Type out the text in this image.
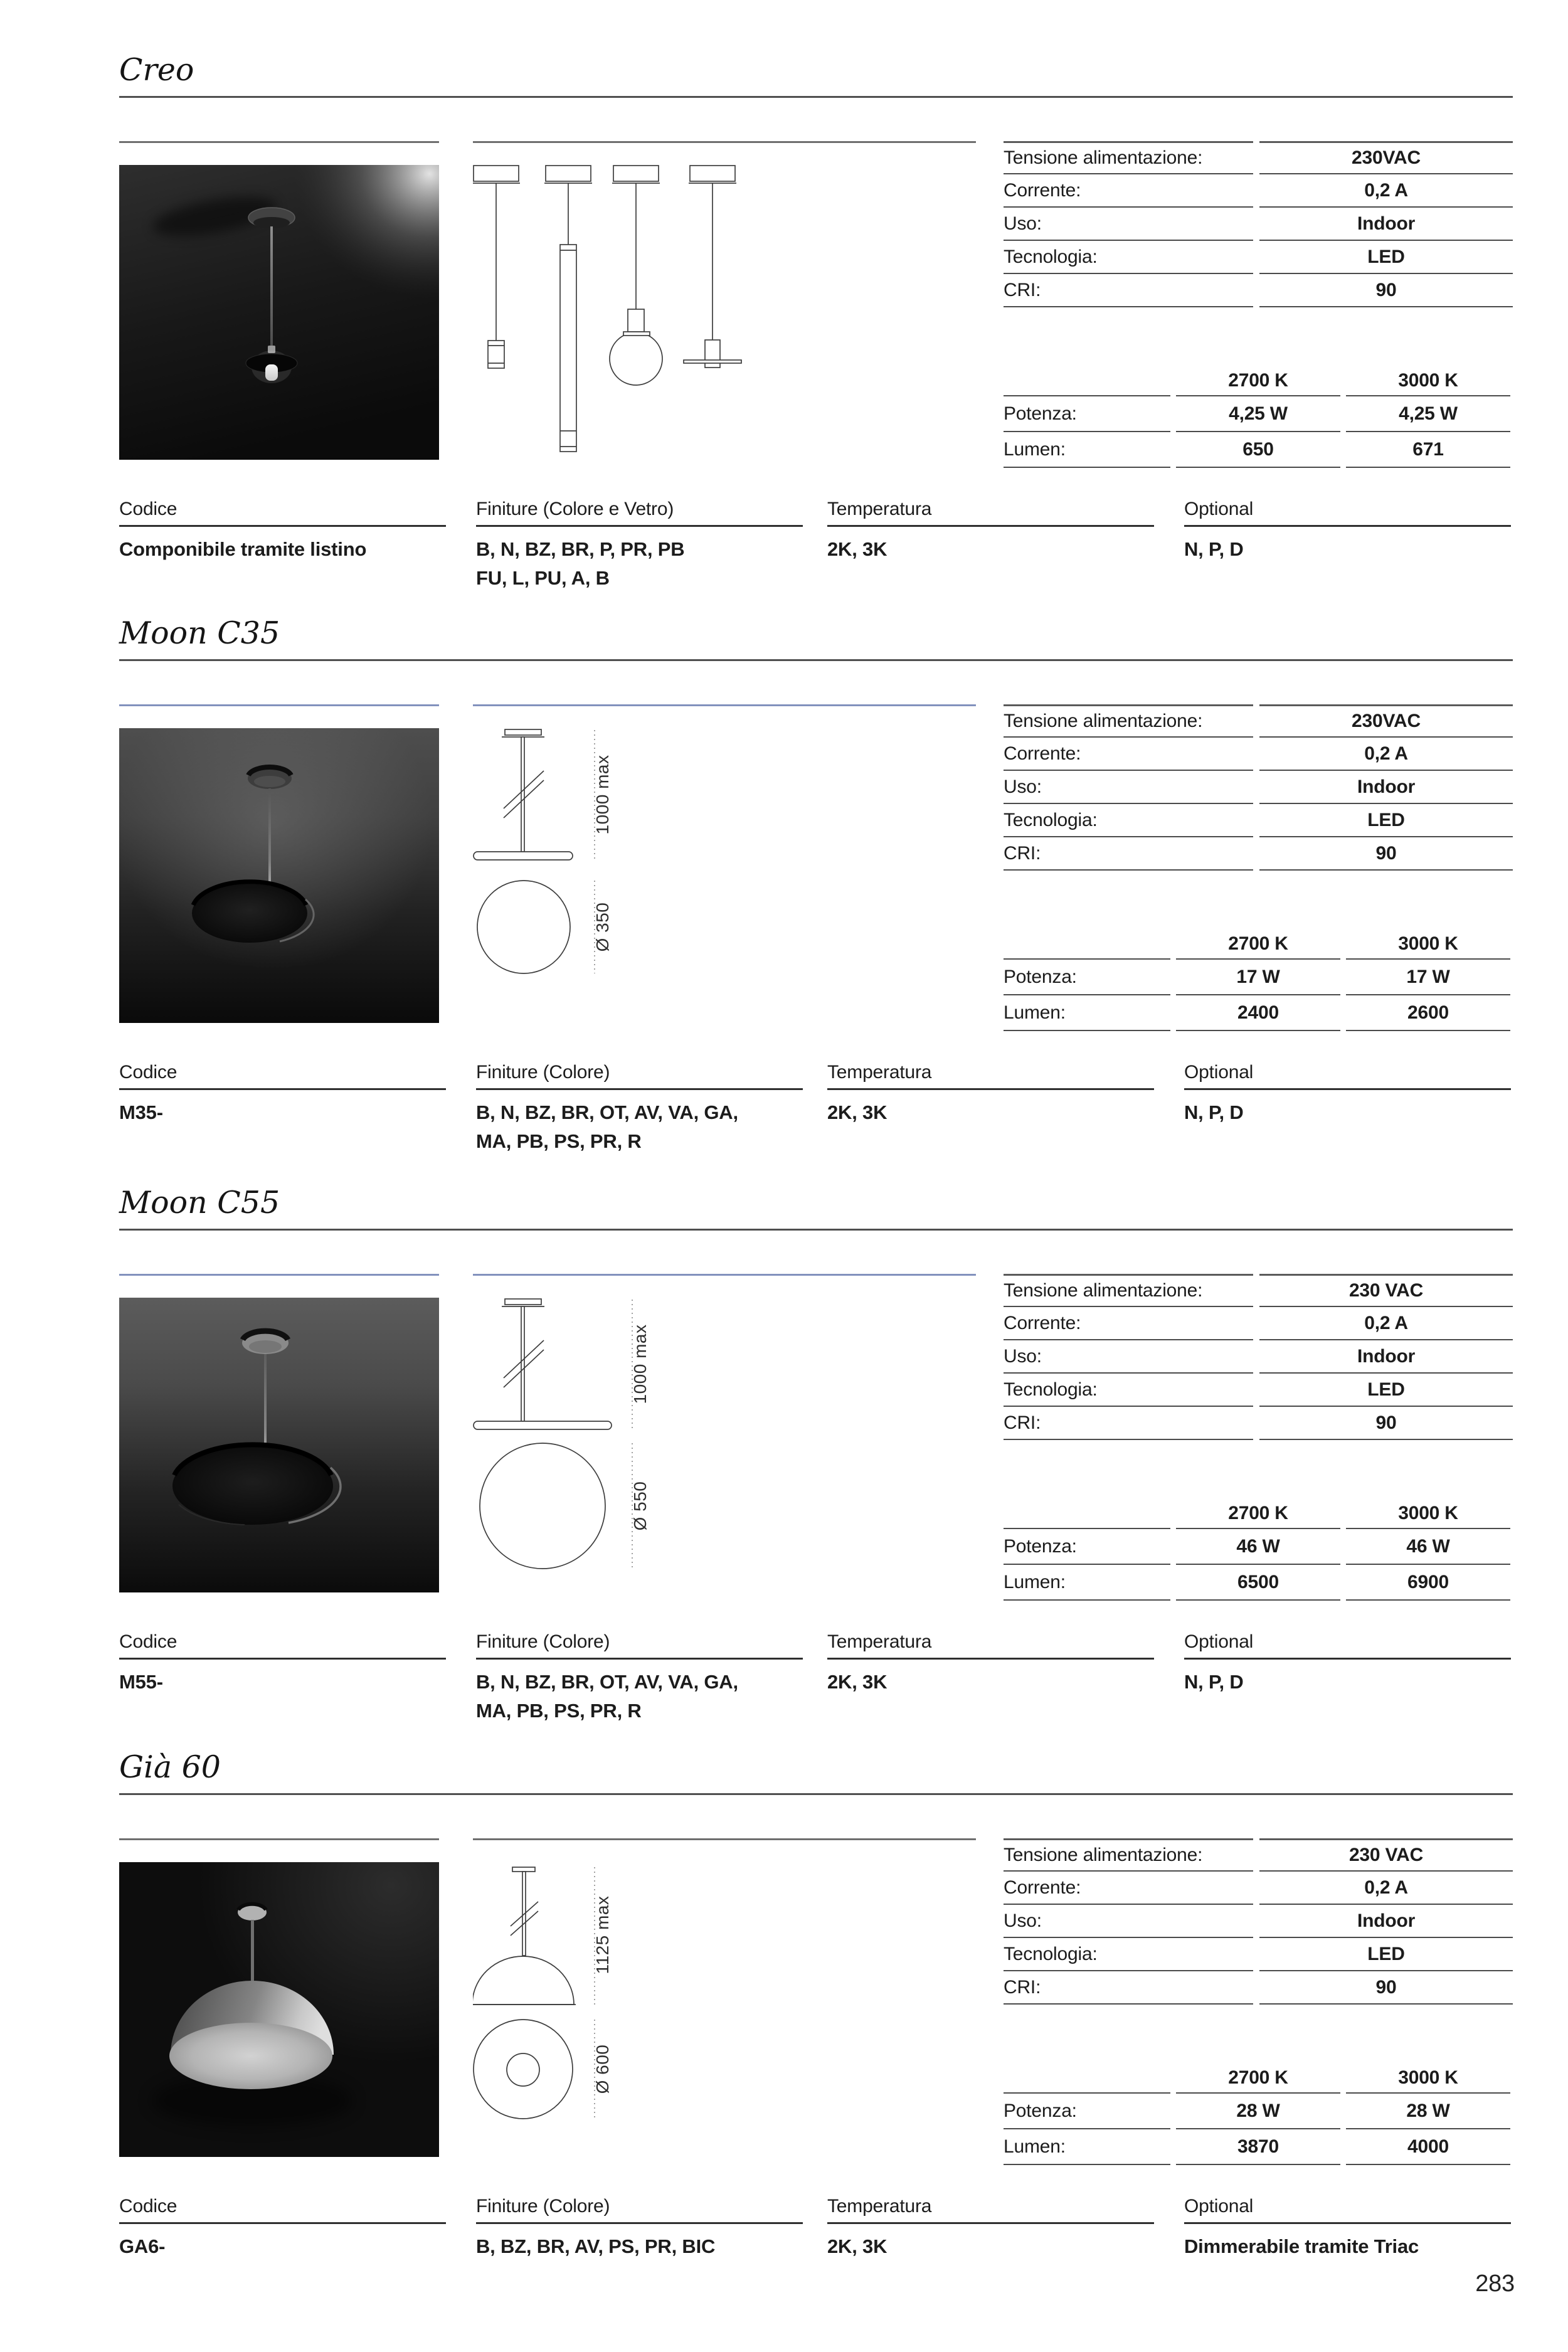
Creo
Tensione alimentazione:	230VAC
Corrente:	0,2 A
Uso:	Indoor
Tecnologia:	LED
CRI:	90
2700 K	3000 K
Potenza:	4,25 W	4,25 W
Lumen:	650	671
Codice
Componibile tramite listino
Finiture (Colore e Vetro)
B, N, BZ, BR, P, PR, PB
FU, L, PU, A, B
Temperatura
2K, 3K
Optional
N, P, D
Moon C35
1000 max
Ø 350
Tensione alimentazione:	230VAC
Corrente:	0,2 A
Uso:	Indoor
Tecnologia:	LED
CRI:	90
2700 K	3000 K
Potenza:	17 W	17 W
Lumen:	2400	2600
Codice
M35-
Finiture (Colore)
B, N, BZ, BR, OT, AV, VA, GA,
MA, PB, PS, PR, R
Temperatura
2K, 3K
Optional
N, P, D
Moon C55
1000 max
Ø 550
Tensione alimentazione:	230 VAC
Corrente:	0,2 A
Uso:	Indoor
Tecnologia:	LED
CRI:	90
2700 K	3000 K
Potenza:	46 W	46 W
Lumen:	6500	6900
Codice
M55-
Finiture (Colore)
B, N, BZ, BR, OT, AV, VA, GA,
MA, PB, PS, PR, R
Temperatura
2K, 3K
Optional
N, P, D
Già 60
1125 max
Ø 600
Tensione alimentazione:	230 VAC
Corrente:	0,2 A
Uso:	Indoor
Tecnologia:	LED
CRI:	90
2700 K	3000 K
Potenza:	28 W	28 W
Lumen:	3870	4000
Codice
GA6-
Finiture (Colore)
B, BZ, BR, AV, PS, PR, BIC
Temperatura
2K, 3K
Optional
Dimmerabile tramite Triac
283
